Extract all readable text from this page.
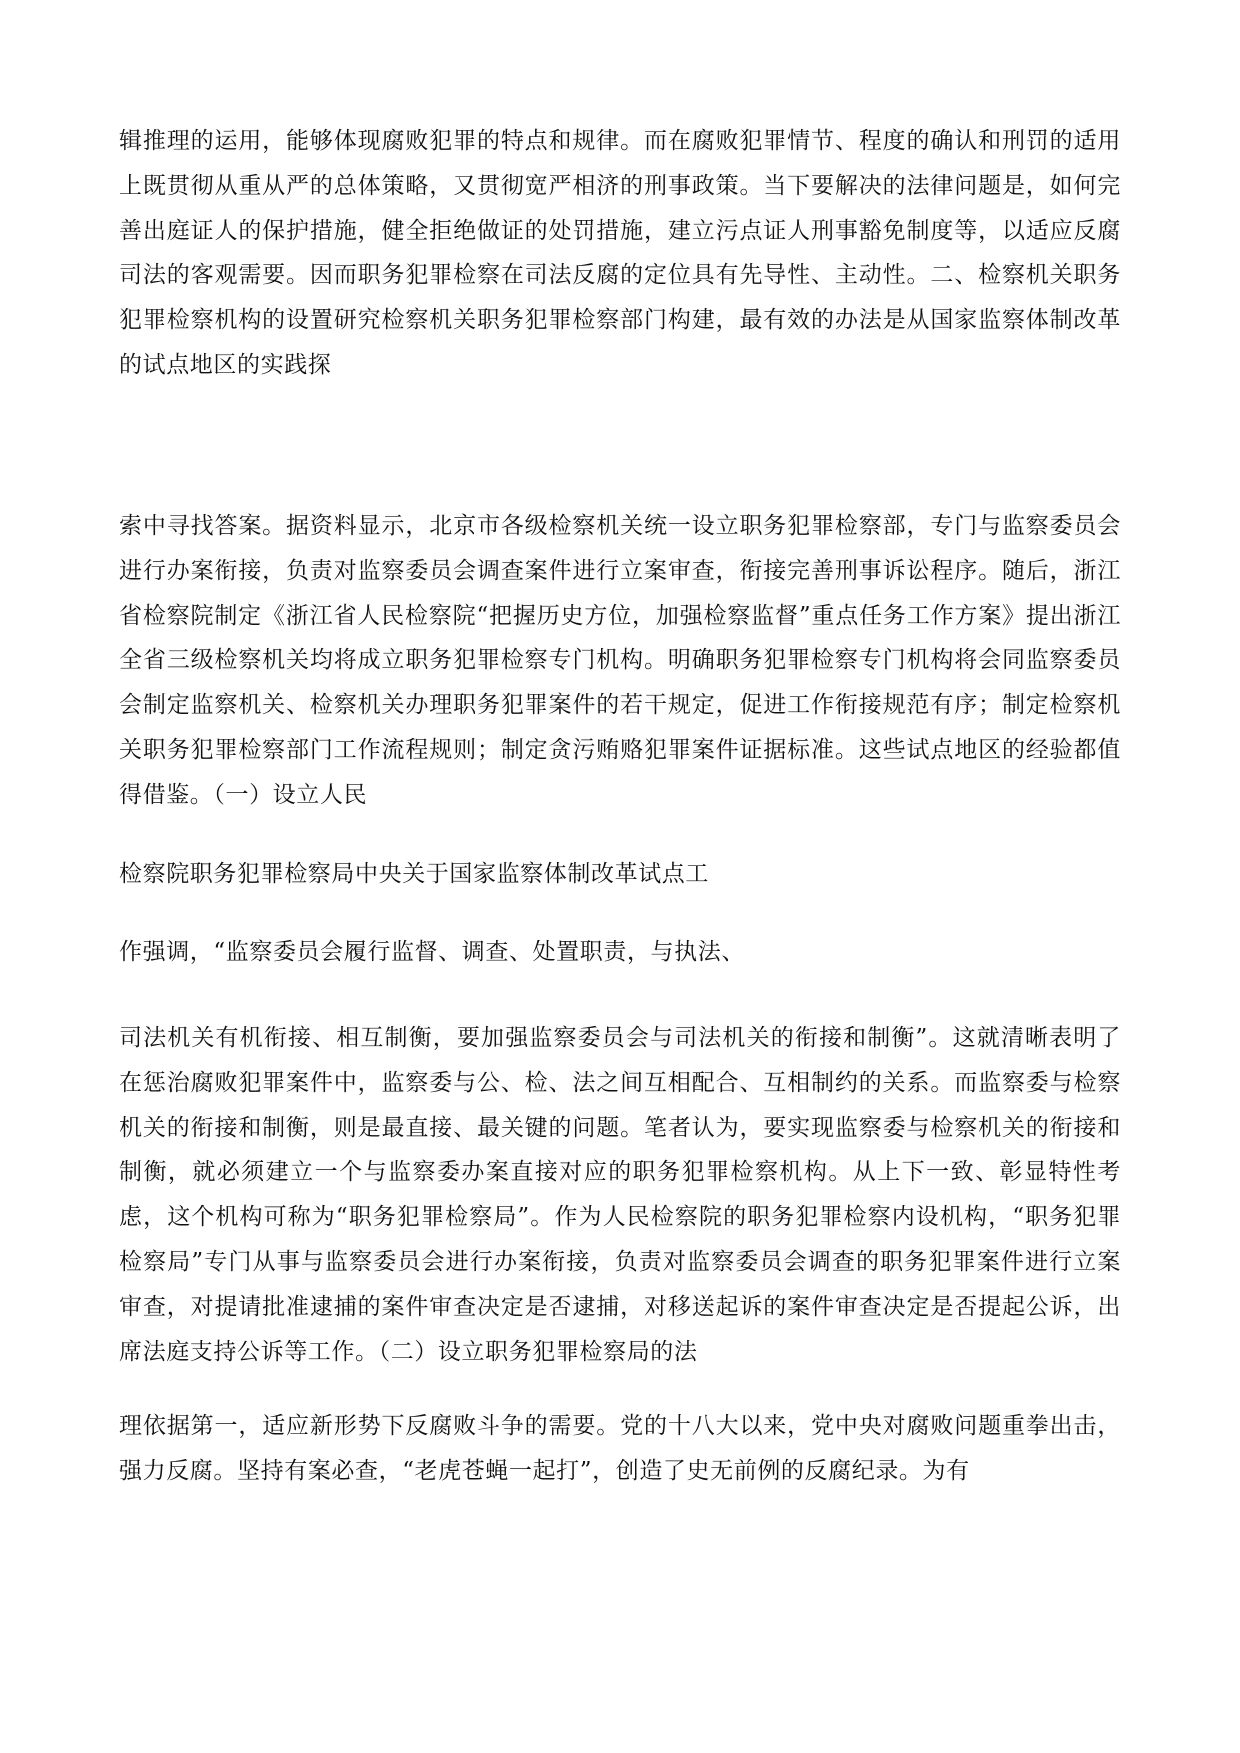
辑推理的运用，能够体现腐败犯罪的特点和规律。而在腐败犯罪情节、程度的确认和刑罚的适用上既贯彻从重从严的总体策略，又贯彻宽严相济的刑事政策。当下要解决的法律问题是，如何完善出庭证人的保护措施，健全拒绝做证的处罚措施，建立污点证人刑事豁免制度等，以适应反腐司法的客观需要。因而职务犯罪检察在司法反腐的定位具有先导性、主动性。二、检察机关职务犯罪检察机构的设置研究检察机关职务犯罪检察部门构建，最有效的办法是从国家监察体制改革的试点地区的实践探

索中寻找答案。据资料显示，北京市各级检察机关统一设立职务犯罪检察部，专门与监察委员会进行办案衔接，负责对监察委员会调查案件进行立案审查，衔接完善刑事诉讼程序。随后，浙江省检察院制定《浙江省人民检察院“把握历史方位，加强检察监督”重点任务工作方案》提出浙江全省三级检察机关均将成立职务犯罪检察专门机构。明确职务犯罪检察专门机构将会同监察委员会制定监察机关、检察机关办理职务犯罪案件的若干规定，促进工作衔接规范有序；制定检察机关职务犯罪检察部门工作流程规则；制定贪污贿赂犯罪案件证据标准。这些试点地区的经验都值得借鉴。（一）设立人民

检察院职务犯罪检察局中央关于国家监察体制改革试点工

作强调，“监察委员会履行监督、调查、处置职责，与执法、

司法机关有机衔接、相互制衡，要加强监察委员会与司法机关的衔接和制衡”。这就清晰表明了在惩治腐败犯罪案件中，监察委与公、检、法之间互相配合、互相制约的关系。而监察委与检察机关的衔接和制衡，则是最直接、最关键的问题。笔者认为，要实现监察委与检察机关的衔接和制衡，就必须建立一个与监察委办案直接对应的职务犯罪检察机构。从上下一致、彰显特性考虑，这个机构可称为“职务犯罪检察局”。作为人民检察院的职务犯罪检察内设机构，“职务犯罪检察局”专门从事与监察委员会进行办案衔接，负责对监察委员会调查的职务犯罪案件进行立案审查，对提请批准逮捕的案件审查决定是否逮捕，对移送起诉的案件审查决定是否提起公诉，出席法庭支持公诉等工作。（二）设立职务犯罪检察局的法

理依据第一，适应新形势下反腐败斗争的需要。党的十八大以来，党中央对腐败问题重拳出击，强力反腐。坚持有案必查，“老虎苍蝇一起打”，创造了史无前例的反腐纪录。为有
